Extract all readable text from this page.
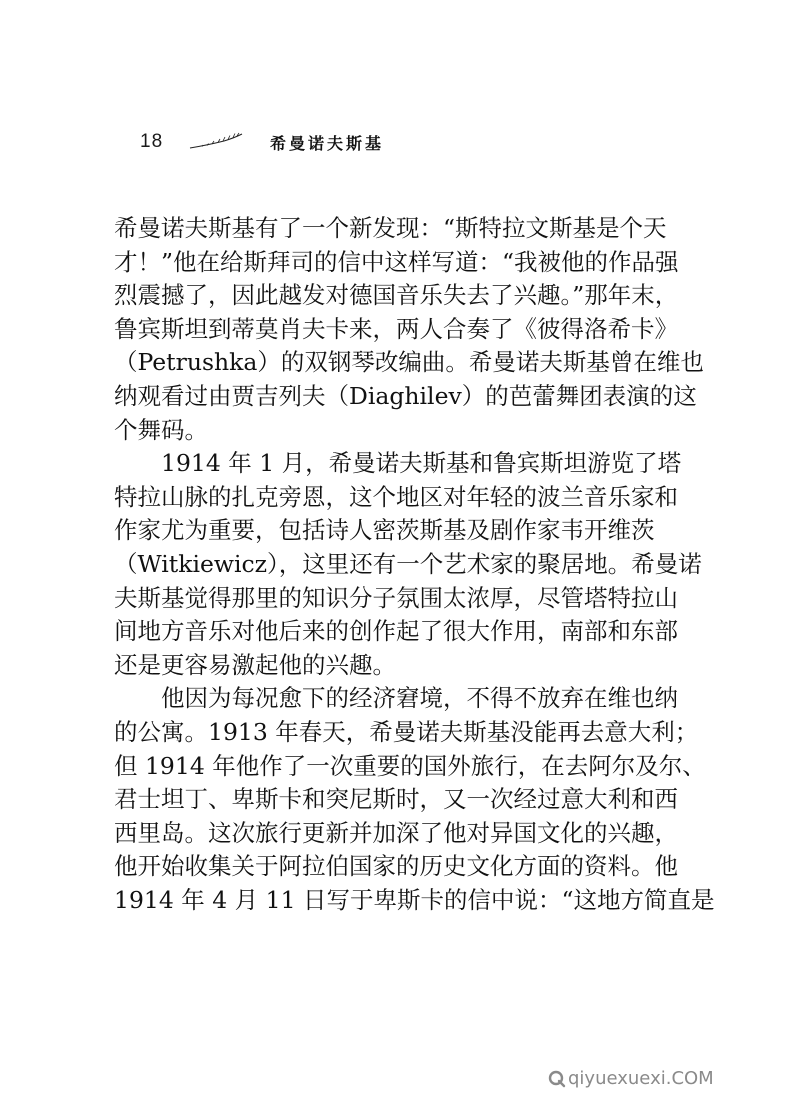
18	希曼诺夫斯基

希曼诺夫斯基有了一个新发现：“斯特拉文斯基是个天
才！”他在给斯拜司的信中这样写道：“我被他的作品强
烈震撼了，因此越发对德国音乐失去了兴趣。”那年末，
鲁宾斯坦到蒂莫肖夫卡来，两人合奏了《彼得洛希卡》
（Petrushka）的双钢琴改编曲。希曼诺夫斯基曾在维也
纳观看过由贾吉列夫（Diaghilev）的芭蕾舞团表演的这
个舞码。

1914 年 1 月，希曼诺夫斯基和鲁宾斯坦游览了塔
特拉山脉的扎克旁恩，这个地区对年轻的波兰音乐家和
作家尤为重要，包括诗人密茨斯基及剧作家韦开维茨
（Witkiewicz），这里还有一个艺术家的聚居地。希曼诺
夫斯基觉得那里的知识分子氛围太浓厚，尽管塔特拉山
间地方音乐对他后来的创作起了很大作用，南部和东部
还是更容易激起他的兴趣。

他因为每况愈下的经济窘境，不得不放弃在维也纳
的公寓。1913 年春天，希曼诺夫斯基没能再去意大利；
但 1914 年他作了一次重要的国外旅行，在去阿尔及尔、
君士坦丁、卑斯卡和突尼斯时，又一次经过意大利和西
西里岛。这次旅行更新并加深了他对异国文化的兴趣，
他开始收集关于阿拉伯国家的历史文化方面的资料。他
1914 年 4 月 11 日写于卑斯卡的信中说：“这地方简直是

qiyuexuexi.COM
